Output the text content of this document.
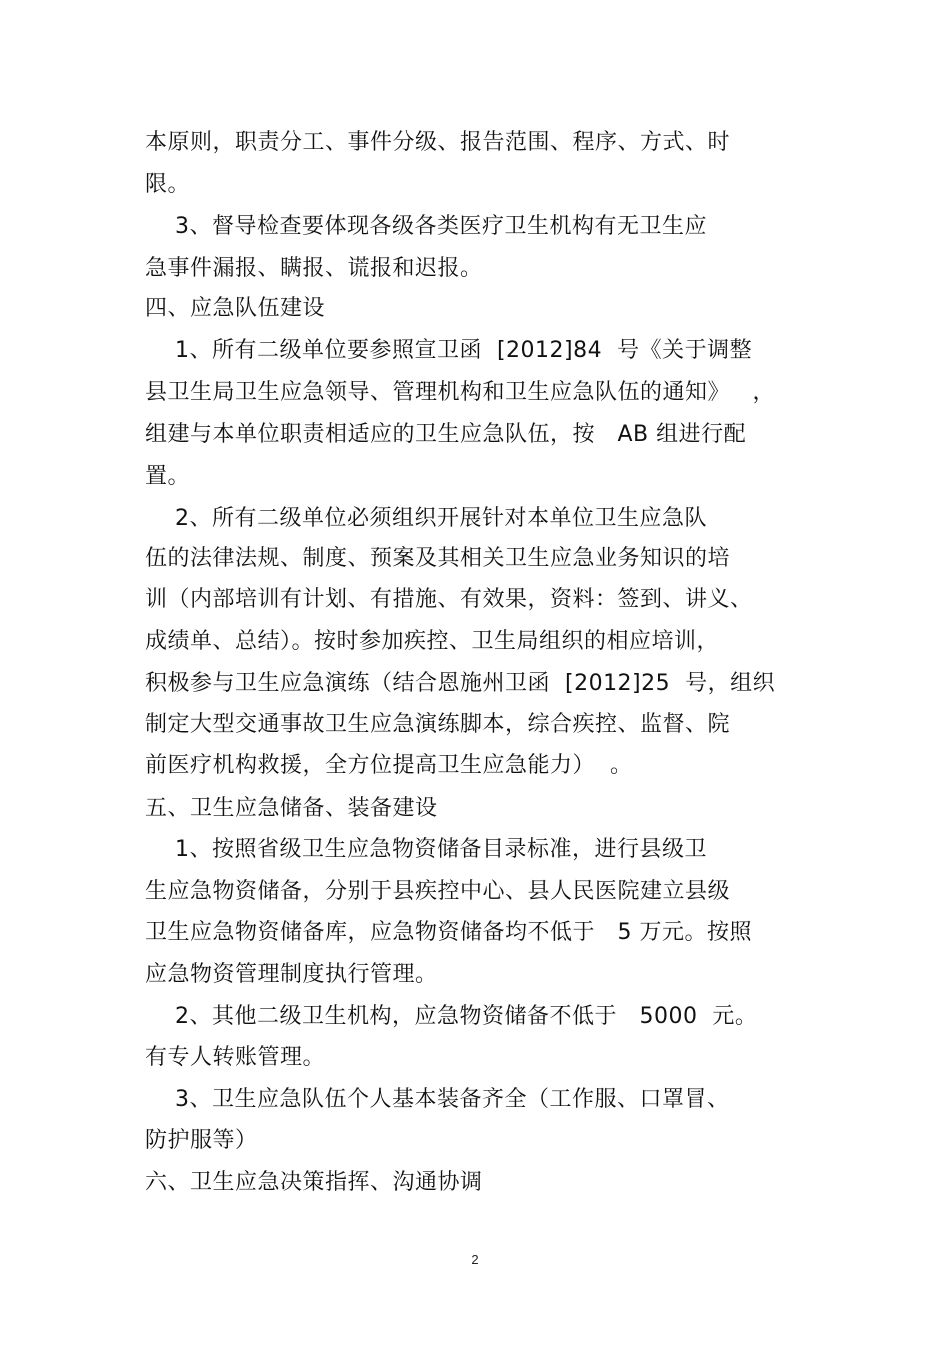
本原则，职责分工、事件分级、报告范围、程序、方式、时
限。
3、督导检查要体现各级各类医疗卫生机构有无卫生应
急事件漏报、瞒报、谎报和迟报。
四、应急队伍建设
1、所有二级单位要参照宣卫函  [2012]84  号《关于调整
县卫生局卫生应急领导、管理机构和卫生应急队伍的通知》   ，
组建与本单位职责相适应的卫生应急队伍，按   AB 组进行配
置。
2、所有二级单位必须组织开展针对本单位卫生应急队
伍的法律法规、制度、预案及其相关卫生应急业务知识的培
训（内部培训有计划、有措施、有效果，资料：签到、讲义、
成绩单、总结）。按时参加疾控、卫生局组织的相应培训，
积极参与卫生应急演练（结合恩施州卫函  [2012]25  号，组织
制定大型交通事故卫生应急演练脚本，综合疾控、监督、院
前医疗机构救援，全方位提高卫生应急能力）  。
五、卫生应急储备、装备建设
1、按照省级卫生应急物资储备目录标准，进行县级卫
生应急物资储备，分别于县疾控中心、县人民医院建立县级
卫生应急物资储备库，应急物资储备均不低于   5 万元。按照
应急物资管理制度执行管理。
2、其他二级卫生机构，应急物资储备不低于   5000  元。
有专人转账管理。
3、卫生应急队伍个人基本装备齐全（工作服、口罩冒、
防护服等）
六、卫生应急决策指挥、沟通协调
2
